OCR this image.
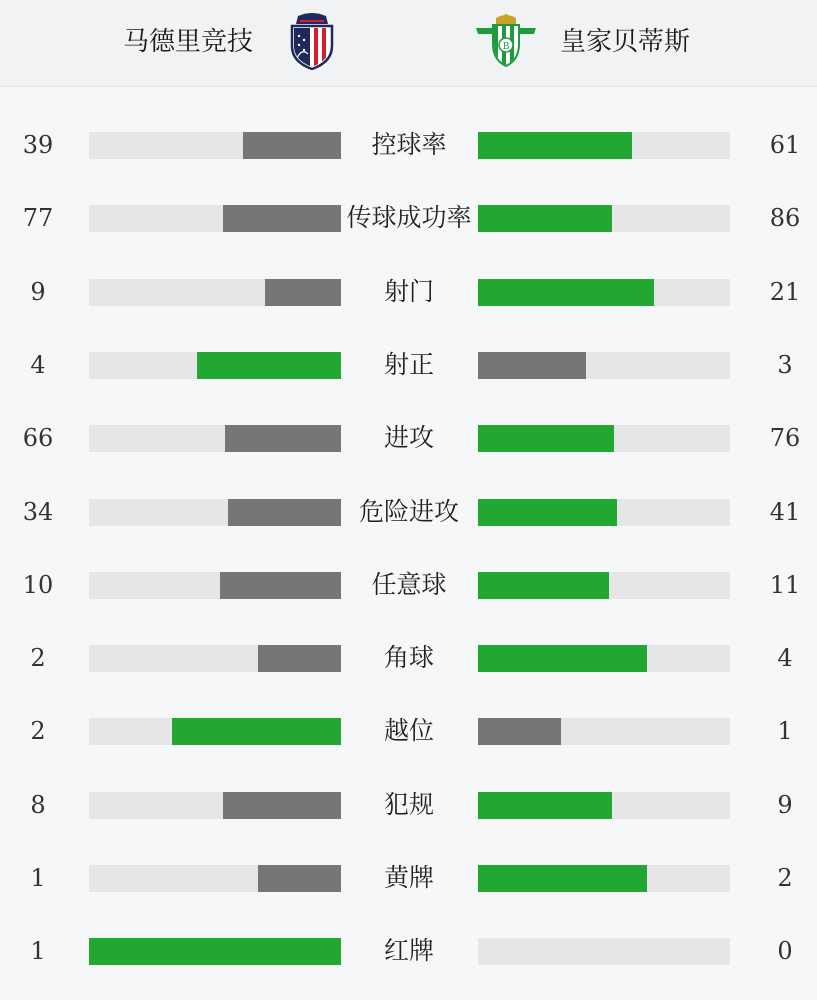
马德里竞技	B 皇家贝蒂斯
39	控球率	61
77	传球成功率	86
9	射门	21
4	射正	3
66	进攻	76
34	危险进攻	41
10	任意球	11
2	角球	4
2	越位	1
8	犯规	9
1	黄牌	2
1	红牌	0
